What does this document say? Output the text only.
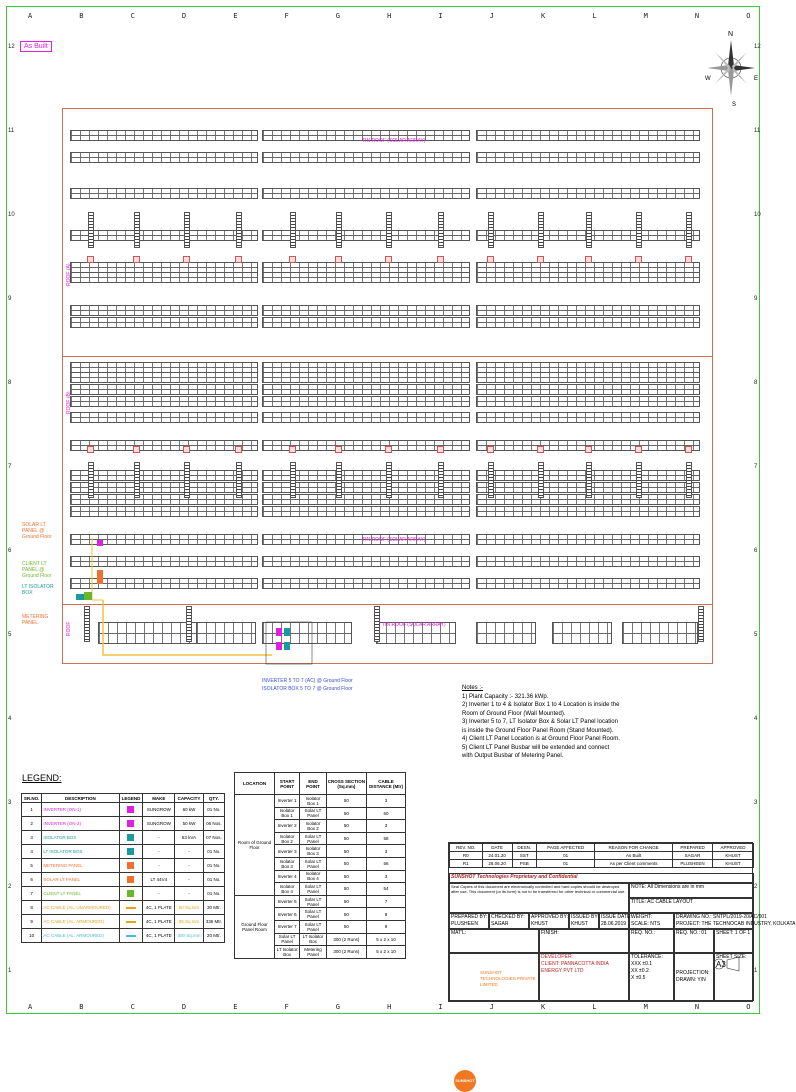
A	B	C	D	E	F	G	H	I	J	K	L	M	N	O
A	B	C	D	E	F	G	H	I	J	K	L	M	N	O
12
11
10
9
8
7
6
5
4
3
2
1
12
11
10
9
8
7
6
5
4
3
2
1
As Built
N
E
W
S
TIN ROOF (SOLAR ARRAY)
TIN ROOF (SOLAR ARRAY)
TIN ROOF (SOLAR ARRAY)
ROOF (A)
ROOF (B)
ROOF
SOLAR LT PANEL @ Ground Floor
CLIENT LT PANEL @ Ground Floor
LT ISOLATOR BOX
METERING PANEL
INVERTER 5 TO 7 (AC) @ Ground Floor
ISOLATOR BOX 5 TO 7 @ Ground Floor	Notes :-
1) Plant Capacity :- 321.36 kWp.
2) Inverter 1 to 4 & Isolator Box 1 to 4 Location is inside the
Room of Ground Floor (Wall Mounted).
3) Inverter 5 to 7, LT Isolator Box & Solar LT Panel location
is inside the Ground Floor Panel Room (Stand Mounted).
4) Client LT Panel Location is at Ground Floor Panel Room.
5) Client LT Panel Busbar will be extended and connect
with Output Busbar of Metering Panel.
LEGEND:
SR.NO.	DESCRIPTION	LEGEND	MAKE	CAPACITY	QTY.
1	INVERTER (ON-1)		SUNGROW	60 kW	01 No.
2	INVERTER (ON-2)		SUNGROW	50 kW	06 Nos.
3	ISOLATOR BOX		-	63 kVA	07 Nos.
4	LT ISOLATOR BOX		-	-	01 No.
5	METERING PANEL		-	-	01 No.
6	SOLAR LT PANEL		LT 44V4	-	01 No.
7	CLIENT LT PANEL		-	-	01 No.
8	AC CABLE (AL. UNARMOURED)		4C, 1 PLATE	50 Sq.mm	30 Mtr.
9	AC CABLE (AL. ARMOURED)		4C, 1 PLATE	95 Sq.mm	336 Mtr.
10	AC CABLE (AL. ARMOURED)		4C, 1 PLATE	300 Sq.mm	20 Mtr.
LOCATION	START POINT	END POINT	CROSS SECTION (Sq.mm)	CABLE DISTANCE (Mtr)
Room of Ground Floor	Inverter 1	Isolator Box 1	50	3
	Isolator Box 1	Solar LT Panel	50	60
	Inverter 2	Isolator Box 2	50	3
	Isolator Box 2	Solar LT Panel	50	58
	Inverter 3	Isolator Box 3	50	3
	Isolator Box 3	Solar LT Panel	50	56
	Inverter 4	Isolator Box 4	50	3
	Isolator Box 4	Solar LT Panel	50	54
Ground Floor Panel Room	Inverter 5	Solar LT Panel	50	7
	Inverter 6	Solar LT Panel	50	8
	Inverter 7	Solar LT Panel	50	9
	Solar LT Panel	LT Isolator Box	300 (2 Runs)	5 x 2 x 10
	LT Isolator Box	Metering Panel	300 (2 Runs)	5 x 2 x 10
REV. NO.	DATE	DESN.	PAGE AFFECTED	REASON FOR CHANGE	PREPARED	APPROVED
R0	24.01.20	SST	01	As Built	SAGAR	KHUST
R1	28.06.20	PSB	01	As per Client comments	PLUSHEEN	KHUST
SUNSHOT Technologies Proprietary and Confidential
Seal Copies of this document are electronically controlled and hard copies should be destroyed after use. This document (or its form) is not to be transferred for other technical or commercial use.
NOTE: All Dimensions are in mm
TITLE: AC CABLE LAYOUT
PREPARED BY:
PLUSHEEN
CHECKED BY:
SAGAR
APPROVED BY:
KHUST
ISSUED BY:
KHUST
ISSUE DATE:
28.06.2019
WEIGHT:
SCALE: NTS
DRAWING NO.: SNTPL/2019-20/AC/001
PROJECT: THE TECHNOCAB INDUSTRY, KOLKATA
MAT'L:	FINISH:	REQ. NO.:	REQ. NO.: 01	SHEET: 1 OF 1
SUNSHOT
SUNSHOT TECHNOLOGIES PRIVATE LIMITED
DEVELOPER:
CLIENT: PANNACOTTA INDIA ENERGY PVT LTD
TOLERANCE:
XXX ±0.1
XX ±0.2
X ±0.5
PROJECTION:
DRAWN: Y/N
SHEET SIZE:
A3
